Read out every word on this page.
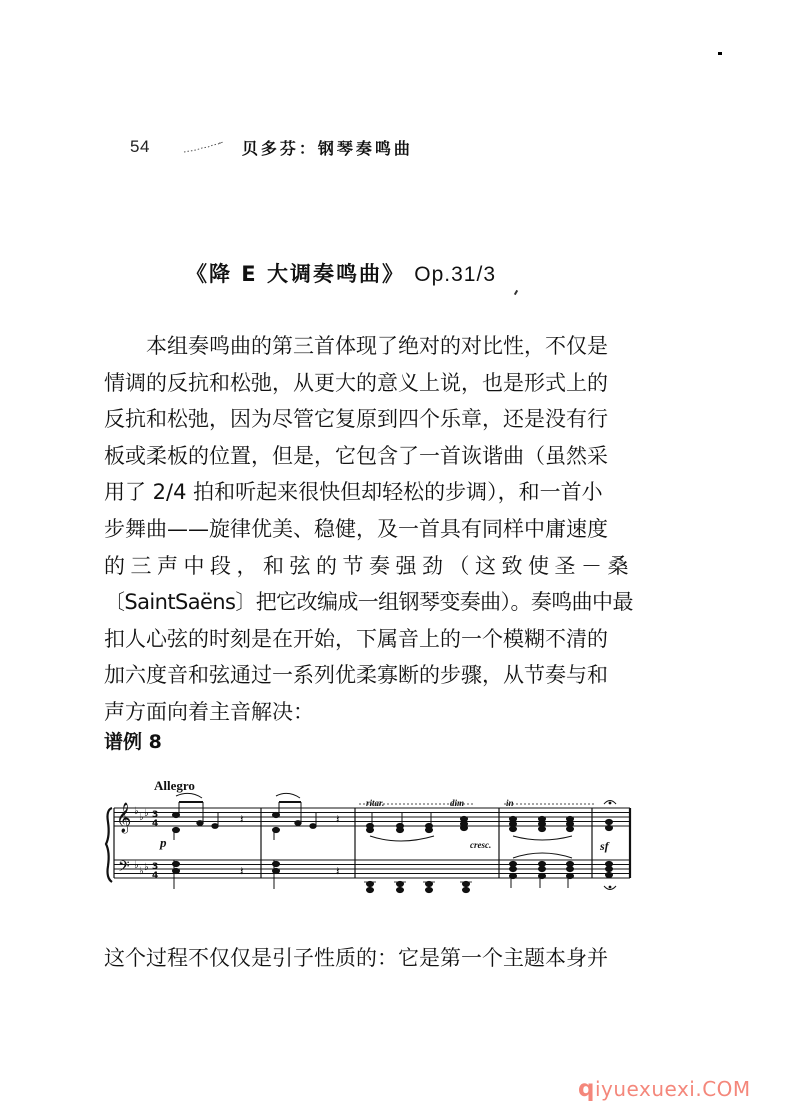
54	贝多芬：钢琴奏鸣曲
《降 E 大调奏鸣曲》 Op.31/3

本组奏鸣曲的第三首体现了绝对的对比性，不仅是

情调的反抗和松弛，从更大的意义上说，也是形式上的

反抗和松弛，因为尽管它复原到四个乐章，还是没有行

板或柔板的位置，但是，它包含了一首诙谐曲（虽然采

用了 2/4 拍和听起来很快但却轻松的步调），和一首小

步舞曲——旋律优美、稳健，及一首具有同样中庸速度

的三声中段，和弦的节奏强劲（这致使圣－桑

〔SaintSaëns〕把它改编成一组钢琴变奏曲）。奏鸣曲中最

扣人心弦的时刻是在开始，下属音上的一个模糊不清的

加六度音和弦通过一系列优柔寡断的步骤，从节奏与和

声方面向着主音解决：

谱例 8
Allegro
ritar.	dim	in
cresc.
𝄞
𝄢
♭
♭ ♭
♭
♭ ♭
3
4
3
4
𝄽
p
𝄽
𝄽
𝄽
sf
这个过程不仅仅是引子性质的：它是第一个主题本身并
qiyuexuexi.COM
